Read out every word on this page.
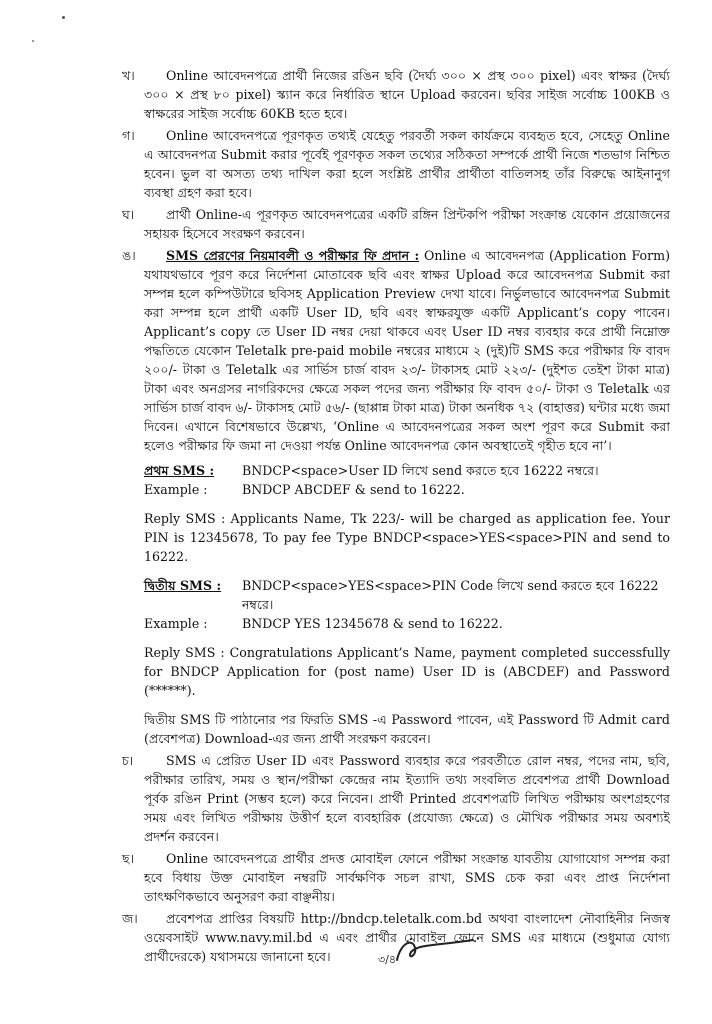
খ। Online আবেদনপত্রে প্রার্থী নিজের রঙিন ছবি (দৈর্ঘ্য ৩০০ × প্রস্থ ৩০০ pixel) এবং স্বাক্ষর (দৈর্ঘ্য ৩০০ × প্রস্থ ৮০ pixel) স্ক্যান করে নির্ধারিত স্থানে Upload করবেন। ছবির সাইজ সর্বোচ্চ 100KB ও স্বাক্ষরের সাইজ সর্বোচ্চ 60KB হতে হবে।
গ। Online আবেদনপত্রে পূরণকৃত তথ্যই যেহেতু পরবর্তী সকল কার্যক্রমে ব্যবহৃত হবে, সেহেতু Online এ আবেদনপত্র Submit করার পূর্বেই পূরণকৃত সকল তথ্যের সঠিকতা সম্পর্কে প্রার্থী নিজে শতভাগ নিশ্চিত হবেন। ভুল বা অসত্য তথ্য দাখিল করা হলে সংশ্লিষ্ট প্রার্থীর প্রার্থীতা বাতিলসহ তাঁর বিরুদ্ধে আইনানুগ ব্যবস্থা গ্রহণ করা হবে।
ঘ।	প্রার্থী Online-এ পূরণকৃত আবেদনপত্রের একটি রঙ্গিন প্রিন্টকপি পরীক্ষা সংক্রান্ত যেকোন প্রয়োজনের সহায়ক হিসেবে সংরক্ষণ করবেন।
ঙ। SMS প্রেরণের নিয়মাবলী ও পরীক্ষার ফি প্রদান : Online এ আবেদনপত্র (Application Form) যথাযথভাবে পূরণ করে নির্দেশনা মোতাবেক ছবি এবং স্বাক্ষর Upload করে আবেদনপত্র Submit করা সম্পন্ন হলে কম্পিউটারে ছবিসহ Application Preview দেখা যাবে। নির্ভুলভাবে আবেদনপত্র Submit করা সম্পন্ন হলে প্রার্থী একটি User ID, ছবি এবং স্বাক্ষরযুক্ত একটি Applicant’s copy পাবেন। Applicant’s copy তে User ID নম্বর দেয়া থাকবে এবং User ID নম্বর ব্যবহার করে প্রার্থী নিম্নোক্ত পদ্ধতিতে যেকোন Teletalk pre-paid mobile নম্বরের মাধ্যমে ২ (দুই)টি SMS করে পরীক্ষার ফি বাবদ ২০০/- টাকা ও Teletalk এর সার্ভিস চার্জ বাবদ ২৩/- টাকাসহ মোট ২২৩/- (দুইশত তেইশ টাকা মাত্র) টাকা এবং অনগ্রসর নাগরিকদের ক্ষেত্রে সকল পদের জন্য পরীক্ষার ফি বাবদ ৫০/- টাকা ও Teletalk এর সার্ভিস চার্জ বাবদ ৬/- টাকাসহ মোট ৫৬/- (ছাপ্পান্ন টাকা মাত্র) টাকা অনধিক ৭২ (বাহাত্তর) ঘন্টার মধ্যে জমা দিবেন। এখানে বিশেষভাবে উল্লেখ্য, ‘Online এ আবেদনপত্রের সকল অংশ পূরণ করে Submit করা হলেও পরীক্ষার ফি জমা না দেওয়া পর্যন্ত Online আবেদনপত্র কোন অবস্থাতেই গৃহীত হবে না’।
প্রথম SMS :	BNDCP<space>User ID লিখে send করতে হবে 16222 নম্বরে।
Example :	BNDCP ABCDEF & send to 16222.
Reply SMS : Applicants Name, Tk 223/- will be charged as application fee. Your PIN is 12345678, To pay fee Type BNDCP<space>YES<space>PIN and send to 16222.
দ্বিতীয় SMS :	BNDCP<space>YES<space>PIN Code লিখে send করতে হবে 16222 নম্বরে।
Example :	BNDCP YES 12345678 & send to 16222.
Reply SMS : Congratulations Applicant’s Name, payment completed successfully for BNDCP Application for (post name) User ID is (ABCDEF) and Password (******).
দ্বিতীয় SMS টি পাঠানোর পর ফিরতি SMS -এ Password পাবেন, এই Password টি Admit card (প্রবেশপত্র) Download-এর জন্য প্রার্থী সংরক্ষণ করবেন।
চ।	SMS এ প্রেরিত User ID এবং Password ব্যবহার করে পরবর্তীতে রোল নম্বর, পদের নাম, ছবি, পরীক্ষার তারিখ, সময় ও স্থান/পরীক্ষা কেন্দ্রের নাম ইত্যাদি তথ্য সংবলিত প্রবেশপত্র প্রার্থী Download পূর্বক রঙিন Print (সম্ভব হলে) করে নিবেন। প্রার্থী Printed প্রবেশপত্রটি লিখিত পরীক্ষায় অংশগ্রহণের সময় এবং লিখিত পরীক্ষায় উত্তীর্ণ হলে ব্যবহারিক (প্রযোজ্য ক্ষেত্রে) ও মৌখিক পরীক্ষার সময় অবশ্যই প্রদর্শন করবেন।
ছ।	Online আবেদনপত্রে প্রার্থীর প্রদত্ত মোবাইল ফোনে পরীক্ষা সংক্রান্ত যাবতীয় যোগাযোগ সম্পন্ন করা হবে বিধায় উক্ত মোবাইল নম্বরটি সার্বক্ষণিক সচল রাখা, SMS চেক করা এবং প্রাপ্ত নির্দেশনা তাৎক্ষণিকভাবে অনুসরণ করা বাঞ্ছনীয়।
জ। প্রবেশপত্র প্রাপ্তির বিষয়টি http://bndcp.teletalk.com.bd অথবা বাংলাদেশ নৌবাহিনীর নিজস্ব ওয়েবসাইট www.navy.mil.bd এ এবং প্রার্থীর মোবাইল ফোনে SMS এর মাধ্যমে (শুধুমাত্র যোগ্য প্রার্থীদেরকে) যথাসময়ে জানানো হবে।	৩/৪
